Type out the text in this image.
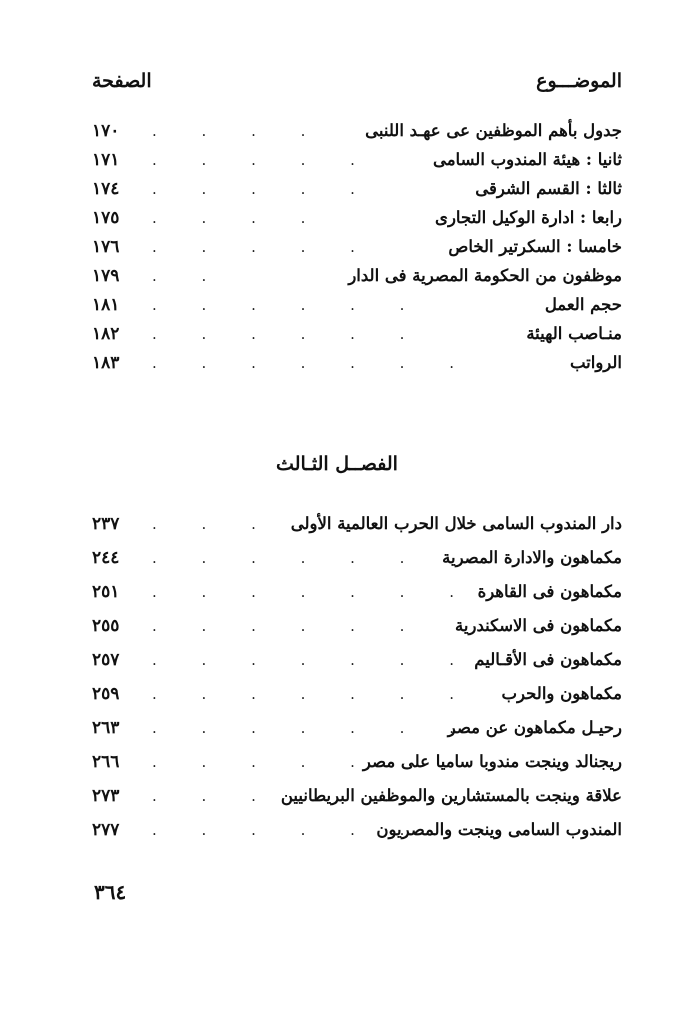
الموضـــوع
الصفحة
جدول بأهم الموظفين عى عهـد اللنبى
. . . .
١٧٠
ثانيا : هيئة المندوب السامى
. . . . .
١٧١
ثالثا : القسم الشرقى
. . . . .
١٧٤
رابعا : ادارة الوكيل التجارى
. . . .
١٧٥
خامسا : السكرتير الخاص
. . . . .
١٧٦
موظفون من الحكومة المصرية فى الدار
. .
١٧٩
حجم العمل
. . . . . .
١٨١
منـاصب الهيئة
. . . . . .
١٨٢
الرواتب
. . . . . . .
١٨٣
الفصــل الثـالث
دار المندوب السامى خلال الحرب العالمية الأولى
. . .
٢٣٧
مكماهون والادارة المصرية
. . . . . .
٢٤٤
مكماهون فى القاهرة
. . . . . . .
٢٥١
مكماهون فى الاسكندرية
. . . . . .
٢٥٥
مكماهون فى الأقـاليم
. . . . . . .
٢٥٧
مكماهون والحرب
. . . . . . .
٢٥٩
رحيـل مكماهون عن مصر
. . . . . . .
٢٦٣
ريجنالد وينجت مندوبا ساميا على مصر
. . . . .
٢٦٦
علاقة وينجت بالمستشارين والموظفين البريطانيين
. . .
٢٧٣
المندوب السامى وينجت والمصريون
. . . . . .
٢٧٧
٣٦٤
